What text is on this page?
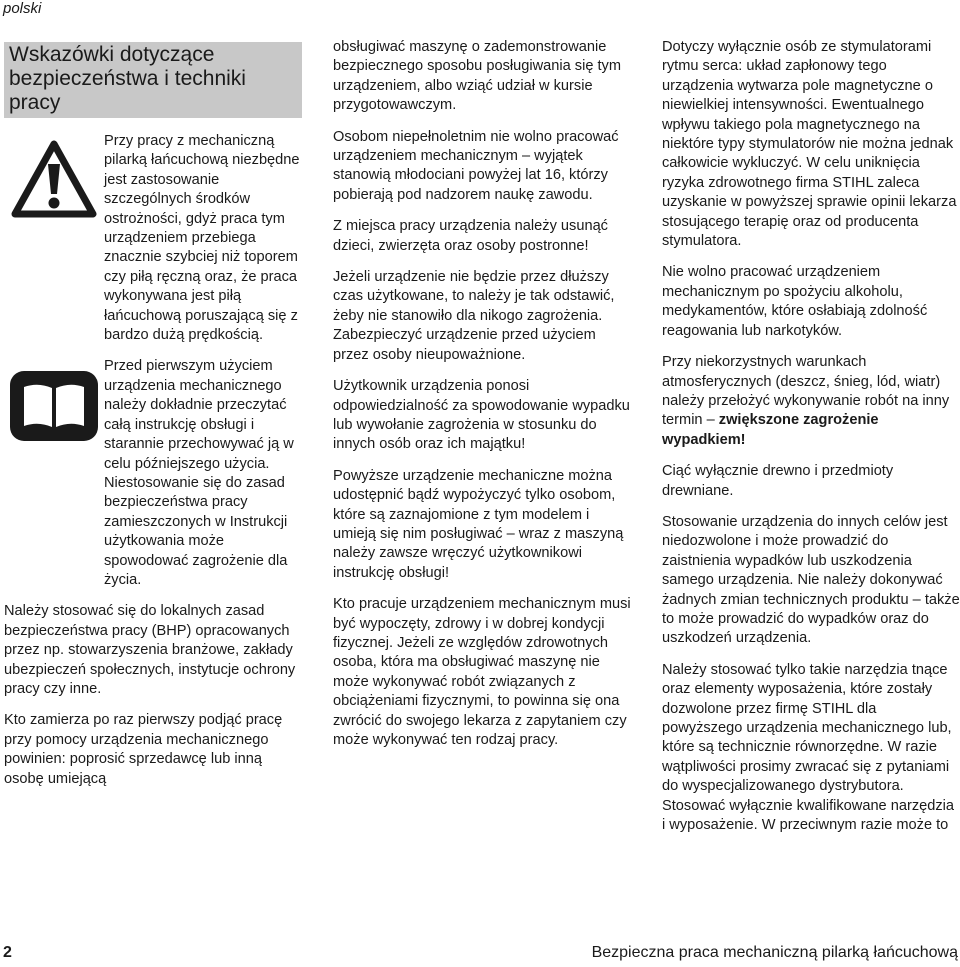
polski
Wskazówki dotyczące bezpieczeństwa i techniki pracy

Przy pracy z mechaniczną pilarką łańcuchową niezbędne jest zastosowanie szczególnych środków ostrożności, gdyż praca tym urządzeniem przebiega znacznie szybciej niż toporem czy piłą ręczną oraz, że praca wykonywana jest piłą łańcuchową poruszającą się z bardzo dużą prędkością.

Przed pierwszym użyciem urządzenia mechanicznego należy dokładnie przeczytać całą instrukcję obsługi i starannie przechowywać ją w celu późniejszego użycia. Niestosowanie się do zasad bezpieczeństwa pracy zamieszczonych w Instrukcji użytkowania może spowodować zagrożenie dla życia.

Należy stosować się do lokalnych zasad bezpieczeństwa pracy (BHP) opracowanych przez np. stowarzyszenia branżowe, zakłady ubezpieczeń społecznych, instytucje ochrony pracy czy inne.

Kto zamierza po raz pierwszy podjąć pracę przy pomocy urządzenia mechanicznego powinien: poprosić sprzedawcę lub inną osobę umiejącą

obsługiwać maszynę o zademonstrowanie bezpiecznego sposobu posługiwania się tym urządzeniem, albo wziąć udział w kursie przygotowawczym.

Osobom niepełnoletnim nie wolno pracować urządzeniem mechanicznym – wyjątek stanowią młodociani powyżej lat 16, którzy pobierają pod nadzorem naukę zawodu.

Z miejsca pracy urządzenia należy usunąć dzieci, zwierzęta oraz osoby postronne!

Jeżeli urządzenie nie będzie przez dłuższy czas użytkowane, to należy je tak odstawić, żeby nie stanowiło dla nikogo zagrożenia. Zabezpieczyć urządzenie przed użyciem przez osoby nieupoważnione.

Użytkownik urządzenia ponosi odpowiedzialność za spowodowanie wypadku lub wywołanie zagrożenia w stosunku do innych osób oraz ich majątku!

Powyższe urządzenie mechaniczne można udostępnić bądź wypożyczyć tylko osobom, które są zaznajomione z tym modelem i umieją się nim posługiwać – wraz z maszyną należy zawsze wręczyć użytkownikowi instrukcję obsługi!

Kto pracuje urządzeniem mechanicznym musi być wypoczęty, zdrowy i w dobrej kondycji fizycznej. Jeżeli ze względów zdrowotnych osoba, która ma obsługiwać maszynę nie może wykonywać robót związanych z obciążeniami fizycznymi, to powinna się ona zwrócić do swojego lekarza z zapytaniem czy może wykonywać ten rodzaj pracy.

Dotyczy wyłącznie osób ze stymulatorami rytmu serca: układ zapłonowy tego urządzenia wytwarza pole magnetyczne o niewielkiej intensywności. Ewentualnego wpływu takiego pola magnetycznego na niektóre typy stymulatorów nie można jednak całkowicie wykluczyć. W celu uniknięcia ryzyka zdrowotnego firma STIHL zaleca uzyskanie w powyższej sprawie opinii lekarza stosującego terapię oraz od producenta stymulatora.

Nie wolno pracować urządzeniem mechanicznym po spożyciu alkoholu, medykamentów, które osłabiają zdolność reagowania lub narkotyków.

Przy niekorzystnych warunkach atmosferycznych (deszcz, śnieg, lód, wiatr) należy przełożyć wykonywanie robót na inny termin – zwiększone zagrożenie wypadkiem!

Ciąć wyłącznie drewno i przedmioty drewniane.

Stosowanie urządzenia do innych celów jest niedozwolone i może prowadzić do zaistnienia wypadków lub uszkodzenia samego urządzenia. Nie należy dokonywać żadnych zmian technicznych produktu – także to może prowadzić do wypadków oraz do uszkodzeń urządzenia.

Należy stosować tylko takie narzędzia tnące oraz elementy wyposażenia, które zostały dozwolone przez firmę STIHL dla powyższego urządzenia mechanicznego lub, które są technicznie równorzędne. W razie wątpliwości prosimy zwracać się z pytaniami do wyspecjalizowanego dystrybutora. Stosować wyłącznie kwalifikowane narzędzia i wyposażenie. W przeciwnym razie może to

2	Bezpieczna praca mechaniczną pilarką łańcuchową
